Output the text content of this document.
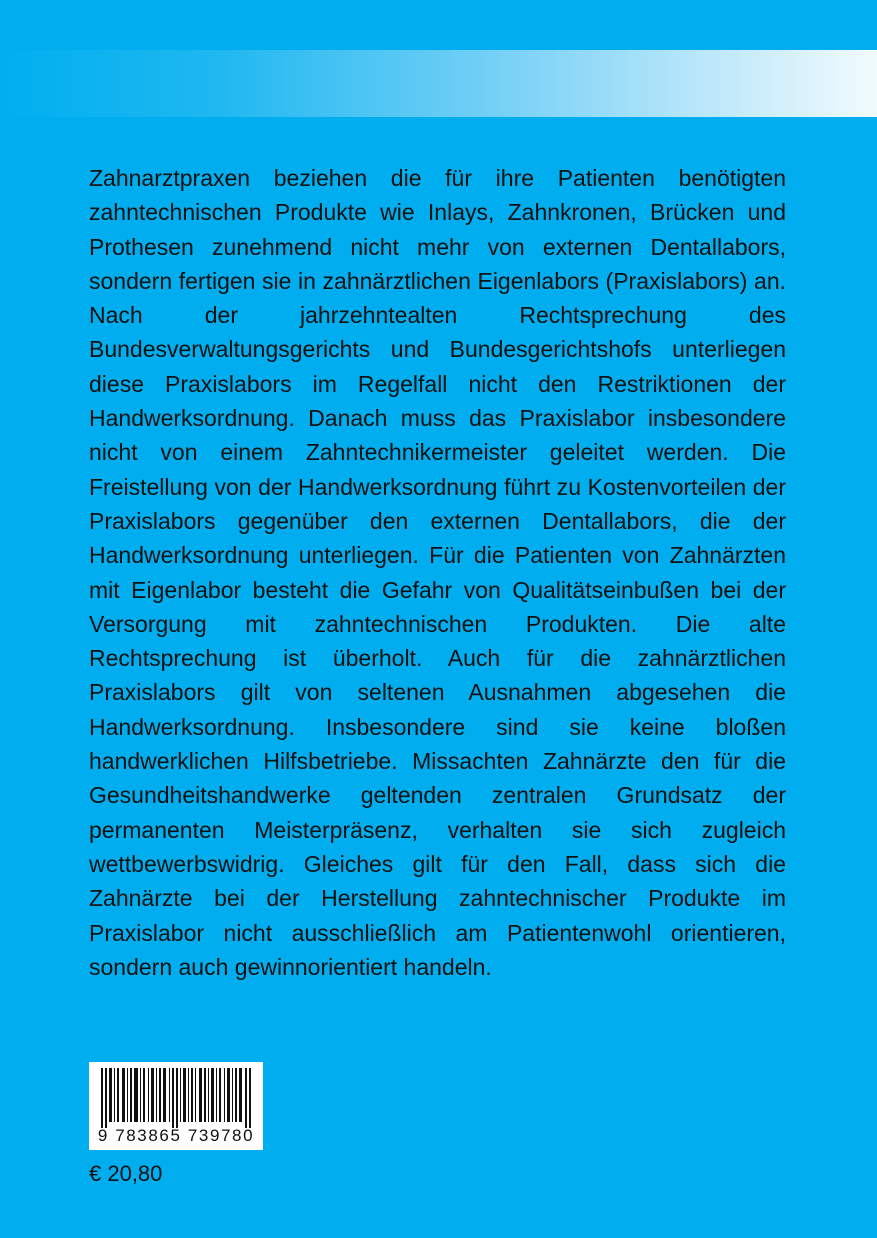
Zahnarztpraxen beziehen die für ihre Patienten benötigten zahntechnischen Produkte wie Inlays, Zahnkronen, Brücken und Prothesen zunehmend nicht mehr von externen Dentallabors, sondern fertigen sie in zahnärztlichen Eigenlabors (Praxislabors) an. Nach der jahrzehntealten Rechtsprechung des Bundesverwaltungsgerichts und Bundesgerichtshofs unterliegen diese Praxislabors im Regelfall nicht den Restriktionen der Handwerksordnung. Danach muss das Praxislabor insbesondere nicht von einem Zahntechnikermeister geleitet werden. Die Freistellung von der Handwerksordnung führt zu Kostenvorteilen der Praxislabors gegenüber den externen Dentallabors, die der Handwerksordnung unterliegen. Für die Patienten von Zahnärzten mit Eigenlabor besteht die Gefahr von Qualitätseinbußen bei der Versorgung mit zahntechnischen Produkten. Die alte Rechtsprechung ist überholt. Auch für die zahnärztlichen Praxislabors gilt von seltenen Ausnahmen abgesehen die Handwerksordnung. Insbesondere sind sie keine bloßen handwerklichen Hilfsbetriebe. Missachten Zahnärzte den für die Gesundheitshandwerke geltenden zentralen Grundsatz der permanenten Meisterpräsenz, verhalten sie sich zugleich wettbewerbswidrig. Gleiches gilt für den Fall, dass sich die Zahnärzte bei der Herstellung zahntechnischer Produkte im Praxislabor nicht ausschließlich am Patientenwohl orientieren, sondern auch gewinnorientiert handeln.

9 783865 739780
€ 20,80
